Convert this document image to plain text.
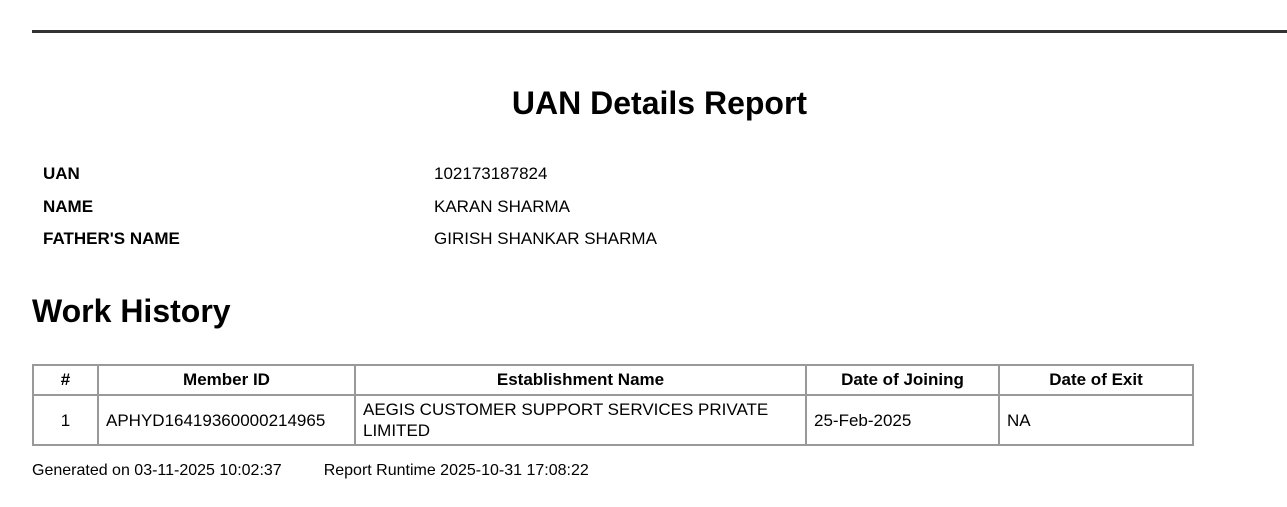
UAN Details Report
UAN	102173187824
NAME	KARAN SHARMA
FATHER'S NAME	GIRISH SHANKAR SHARMA
Work History
#	Member ID	Establishment Name	Date of Joining	Date of Exit
1	APHYD16419360000214965	AEGIS CUSTOMER SUPPORT SERVICES PRIVATE LIMITED	25-Feb-2025	NA
Generated on 03-11-2025 10:02:37	Report Runtime 2025-10-31 17:08:22
